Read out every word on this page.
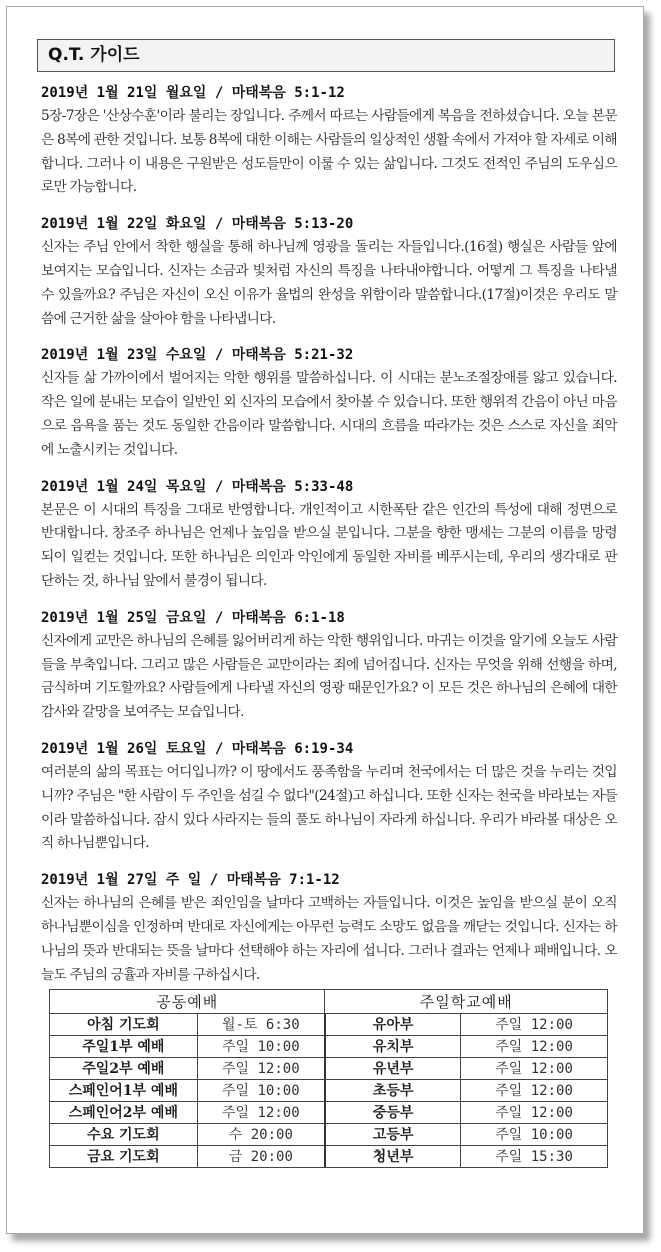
Q.T. 가이드
2019년 1월 21일 월요일 / 마태복음 5:1-12
5장-7장은 '산상수훈'이라 불리는 장입니다. 주께서 따르는 사람들에게 복음을 전하셨습니다. 오늘 본문은 8복에 관한 것입니다. 보통 8복에 대한 이해는 사람들의 일상적인 생활 속에서 가져야 할 자세로 이해합니다. 그러나 이 내용은 구원받은 성도들만이 이룰 수 있는 삶입니다. 그것도 전적인 주님의 도우심으로만 가능합니다.
2019년 1월 22일 화요일 / 마태복음 5:13-20
신자는 주님 안에서 착한 행실을 통해 하나님께 영광을 돌리는 자들입니다.(16절) 행실은 사람들 앞에 보여지는 모습입니다. 신자는 소금과 빛처럼 자신의 특징을 나타내야합니다. 어떻게 그 특징을 나타낼 수 있을까요? 주님은 자신이 오신 이유가 율법의 완성을 위함이라 말씀합니다.(17절)이것은 우리도 말씀에 근거한 삶을 살아야 함을 나타냅니다.
2019년 1월 23일 수요일 / 마태복음 5:21-32
신자들 삶 가까이에서 벌어지는 악한 행위를 말씀하십니다. 이 시대는 분노조절장애를 앓고 있습니다. 작은 일에 분내는 모습이 일반인 외 신자의 모습에서 찾아볼 수 있습니다. 또한 행위적 간음이 아닌 마음으로 음욕을 품는 것도 동일한 간음이라 말씀합니다. 시대의 흐름을 따라가는 것은 스스로 자신을 죄악에 노출시키는 것입니다.
2019년 1월 24일 목요일 / 마태복음 5:33-48
본문은 이 시대의 특징을 그대로 반영합니다. 개인적이고 시한폭탄 같은 인간의 특성에 대해 정면으로 반대합니다. 창조주 하나님은 언제나 높임을 받으실 분입니다. 그분을 향한 맹세는 그분의 이름을 망령되이 일컫는 것입니다. 또한 하나님은 의인과 악인에게 동일한 자비를 베푸시는데, 우리의 생각대로 판단하는 것, 하나님 앞에서 불경이 됩니다.
2019년 1월 25일 금요일 / 마태복음 6:1-18
신자에게 교만은 하나님의 은혜를 잃어버리게 하는 악한 행위입니다. 마귀는 이것을 알기에 오늘도 사람들을 부축입니다. 그리고 많은 사람들은 교만이라는 죄에 넘어집니다. 신자는 무엇을 위해 선행을 하며, 금식하며 기도할까요? 사람들에게 나타낼 자신의 영광 때문인가요? 이 모든 것은 하나님의 은혜에 대한 감사와 갈망을 보여주는 모습입니다.
2019년 1월 26일 토요일 / 마태복음 6:19-34
여러분의 삶의 목표는 어디입니까? 이 땅에서도 풍족함을 누리며 천국에서는 더 많은 것을 누리는 것입니까? 주님은 "한 사람이 두 주인을 섬길 수 없다"(24절)고 하십니다. 또한 신자는 천국을 바라보는 자들이라 말씀하십니다. 잠시 있다 사라지는 들의 풀도 하나님이 자라게 하십니다. 우리가 바라볼 대상은 오직 하나님뿐입니다.
2019년 1월 27일 주 일 / 마태복음 7:1-12
신자는 하나님의 은혜를 받은 죄인임을 날마다 고백하는 자들입니다. 이것은 높임을 받으실 분이 오직 하나님뿐이심을 인정하며 반대로 자신에게는 아무런 능력도 소망도 없음을 깨닫는 것입니다. 신자는 하나님의 뜻과 반대되는 뜻을 날마다 선택해야 하는 자리에 섭니다. 그러나 결과는 언제나 패배입니다. 오늘도 주님의 긍휼과 자비를 구하십시다.
공동예배		주일학교예배	
아침 기도회	월-토 6:30	유아부	주일 12:00
주일1부 예배	주일 10:00	유치부	주일 12:00
주일2부 예배	주일 12:00	유년부	주일 12:00
스페인어1부 예배	주일 10:00	초등부	주일 12:00
스페인어2부 예배	주일 12:00	중등부	주일 12:00
수요 기도회	수 20:00	고등부	주일 10:00
금요 기도회	금 20:00	청년부	주일 15:30
